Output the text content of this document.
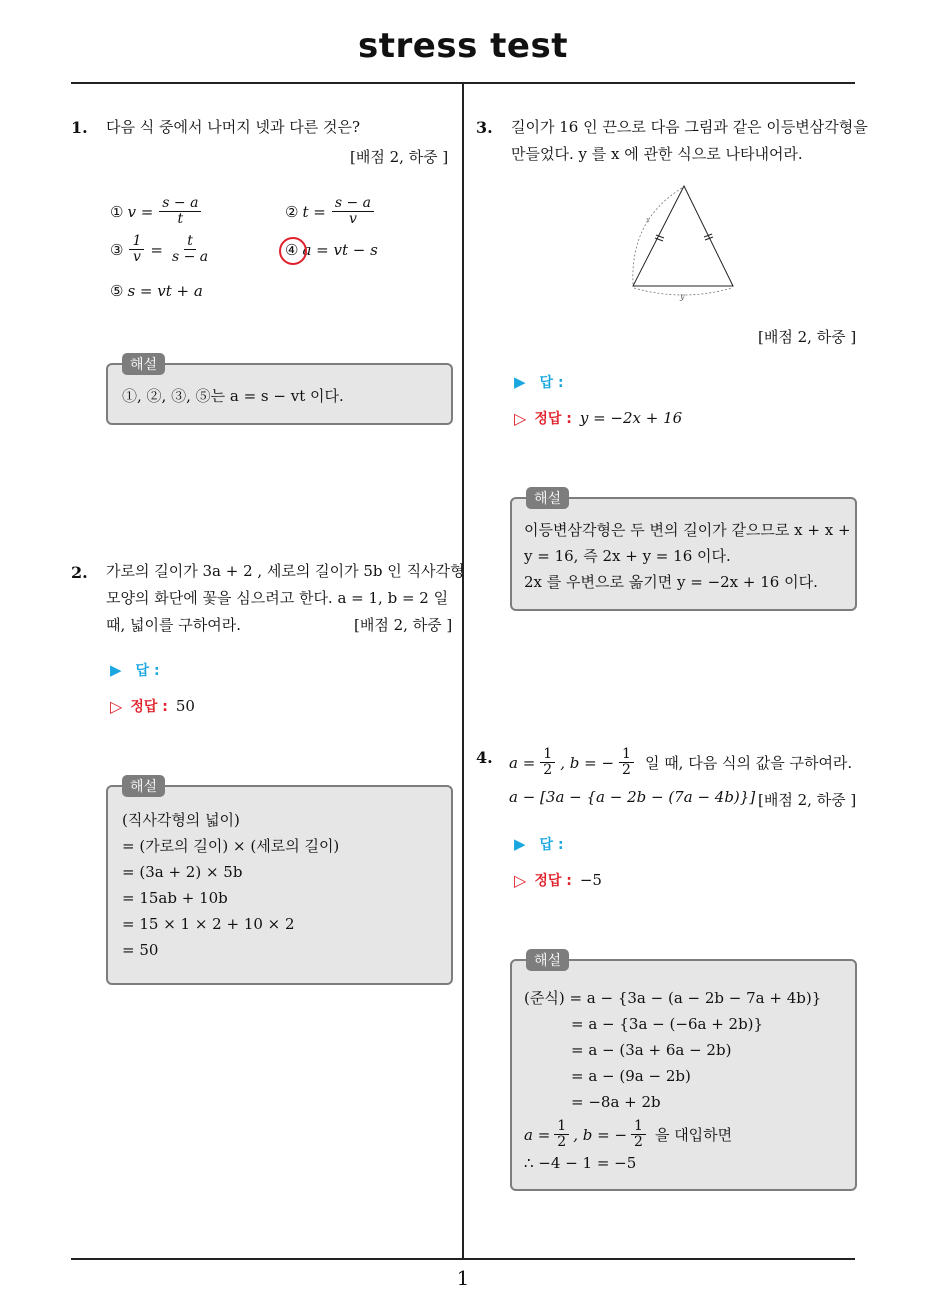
stress test
1
1. 다음 식 중에서 나머지 넷과 다른 것은?
[배점 2, 하중 ]
① $v = \frac{s - a}{t}$	② $t = \frac{s - a}{v}$
③ $\frac{1}{v} = \frac{t}{s - a}$	④ a = vt − s
⑤ s = vt + a
해설
①, ②, ③, ⑤는 a = s − vt 이다.
2. 가로의 길이가 3a + 2 , 세로의 길이가 5b 인 직사각형
모양의 화단에 꽃을 심으려고 한다. a = 1, b = 2 일
때, 넓이를 구하여라.	[배점 2, 하중 ]
▶ 답 :
▷ 정답 : 50
해설
(직사각형의 넓이)
= (가로의 길이) × (세로의 길이)
= (3a + 2) × 5b
= 15ab + 10b
= 15 × 1 × 2 + 10 × 2
= 50
3. 길이가 16 인 끈으로 다음 그림과 같은 이등변삼각형을
만들었다. y 를 x 에 관한 식으로 나타내어라.
x
y
[배점 2, 하중 ]
▶ 답 :
▷ 정답 : y = −2x + 16
해설
이등변삼각형은 두 변의 길이가 같으므로 x + x +
y = 16, 즉 2x + y = 16 이다.
2x 를 우변으로 옮기면 y = −2x + 16 이다.
4. $a = \frac{1}{2}$ , b = − $\frac{1}{2}$ 일 때, 다음 식의 값을 구하여라.
a − [3a − {a − 2b − (7a − 4b)}] [배점 2, 하중 ]
▶ 답 :
▷ 정답 : −5
해설
(준식) = a − {3a − (a − 2b − 7a + 4b)}
= a − {3a − (−6a + 2b)}
= a − (3a + 6a − 2b)
= a − (9a − 2b)
= −8a + 2b
$a = \frac{1}{2}$ , b = − $\frac{1}{2}$ 을 대입하면
∴ −4 − 1 = −5
